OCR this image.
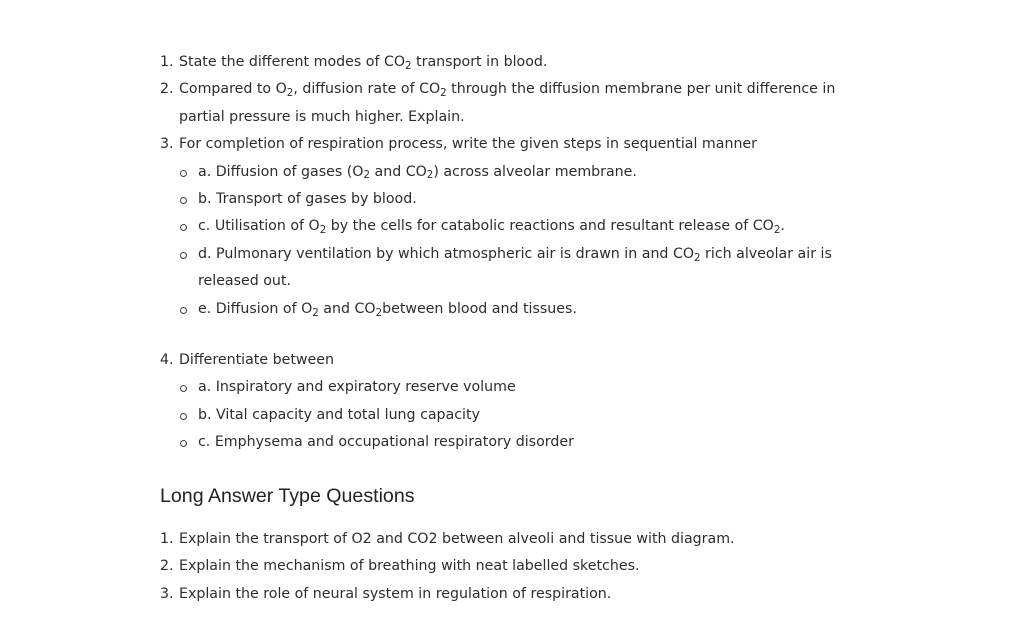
1. State the different modes of $CO_2$ transport in blood.
2. Compared to $O_2$, diffusion rate of $CO_2$ through the diffusion membrane per unit difference in partial pressure is much higher. Explain.
3. For completion of respiration process, write the given steps in sequential manner
a. Diffusion of gases ($O_2$ and $CO_2$) across alveolar membrane.
b. Transport of gases by blood.
c. Utilisation of $O_2$ by the cells for catabolic reactions and resultant release of $CO_2$.
d. Pulmonary ventilation by which atmospheric air is drawn in and $CO_2$ rich alveolar air is released out.
e. Diffusion of $O_2$ and $CO_2between$ blood and tissues.
4. Differentiate between
a. Inspiratory and expiratory reserve volume
b. Vital capacity and total lung capacity
c. Emphysema and occupational respiratory disorder
Long Answer Type Questions
1. Explain the transport of O2 and CO2 between alveoli and tissue with diagram.
2. Explain the mechanism of breathing with neat labelled sketches.
3. Explain the role of neural system in regulation of respiration.
